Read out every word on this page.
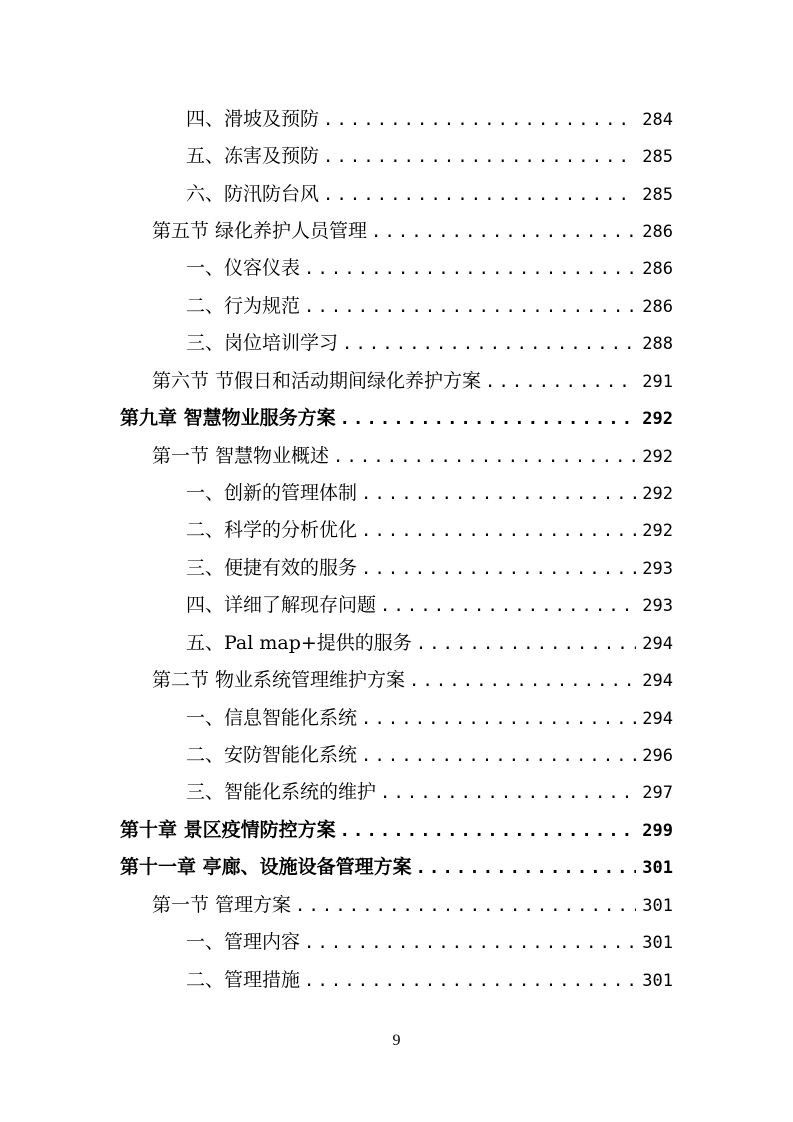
四、滑坡及预防 .....	284
五、冻害及预防 .....	285
六、防汛防台风 .....	285
第五节 绿化养护人员管理 .....	286
一、仪容仪表 .....	286
二、行为规范 .....	286
三、岗位培训学习 .....	288
第六节 节假日和活动期间绿化养护方案 .....	291
第九章 智慧物业服务方案 .....	292
第一节 智慧物业概述 .....	292
一、创新的管理体制 .....	292
二、科学的分析优化 .....	292
三、便捷有效的服务 .....	293
四、详细了解现存问题 .....	293
五、Pal map+提供的服务 .....	294
第二节 物业系统管理维护方案 .....	294
一、信息智能化系统 .....	294
二、安防智能化系统 .....	296
三、智能化系统的维护 .....	297
第十章 景区疫情防控方案 .....	299
第十一章 亭廊、设施设备管理方案 .....	301
第一节 管理方案 .....	301
一、管理内容 .....	301
二、管理措施 .....	301
9
